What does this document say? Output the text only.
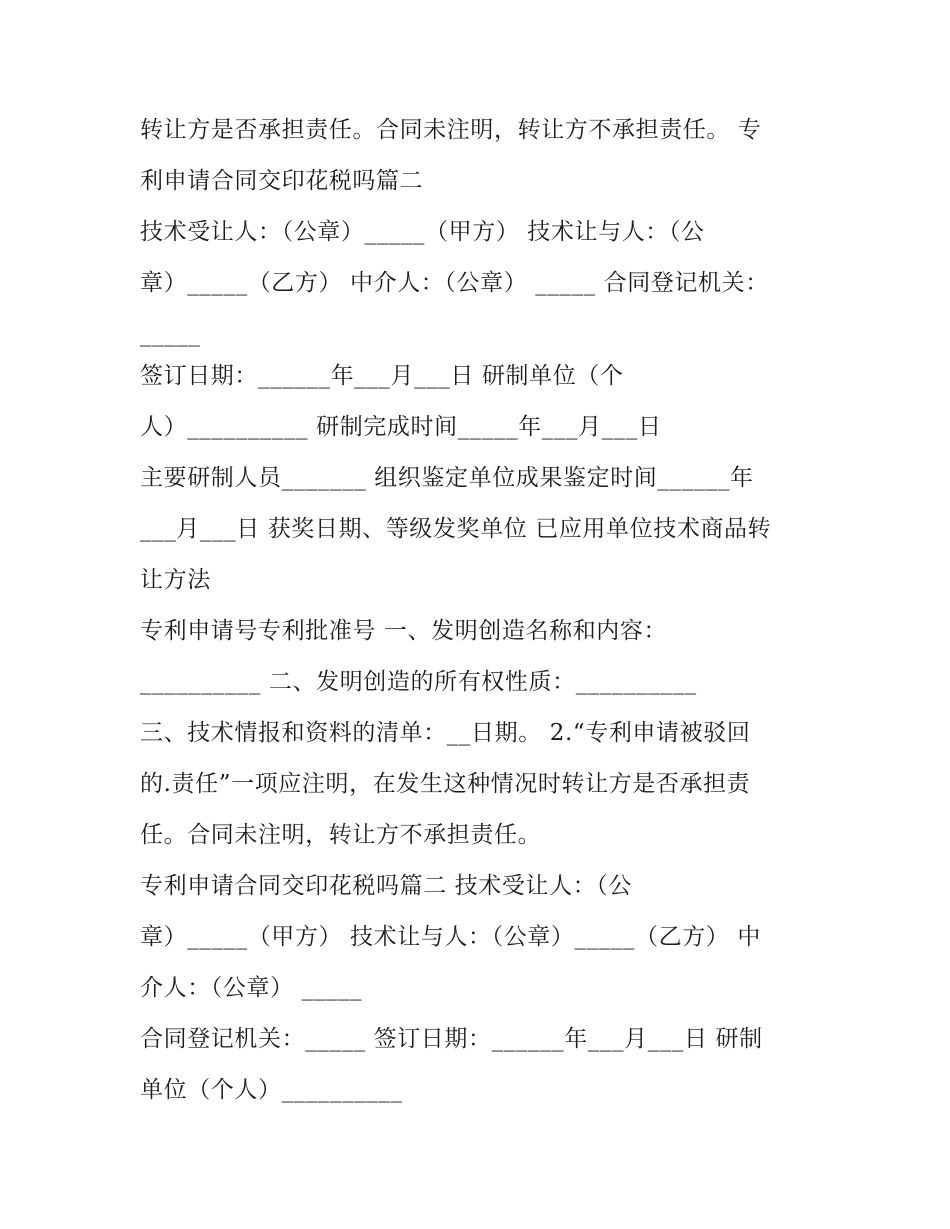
转让方是否承担责任。合同未注明，转让方不承担责任。 专

利申请合同交印花税吗篇二

技术受让人：（公章）_____（甲方） 技术让与人：（公

章）_____（乙方） 中介人：（公章） _____ 合同登记机关：

_____

签订日期：______年___月___日 研制单位（个

人）__________ 研制完成时间_____年___月___日

主要研制人员_______ 组织鉴定单位成果鉴定时间______年

___月___日 获奖日期、等级发奖单位 已应用单位技术商品转

让方法

专利申请号专利批准号 一、发明创造名称和内容：

__________ 二、发明创造的所有权性质：__________

三、技术情报和资料的清单：__日期。 2.“专利申请被驳回

的.责任”一项应注明，在发生这种情况时转让方是否承担责

任。合同未注明，转让方不承担责任。

专利申请合同交印花税吗篇二 技术受让人：（公

章）_____（甲方） 技术让与人：（公章）_____（乙方） 中

介人：（公章） _____

合同登记机关：_____ 签订日期：______年___月___日 研制

单位（个人）__________
